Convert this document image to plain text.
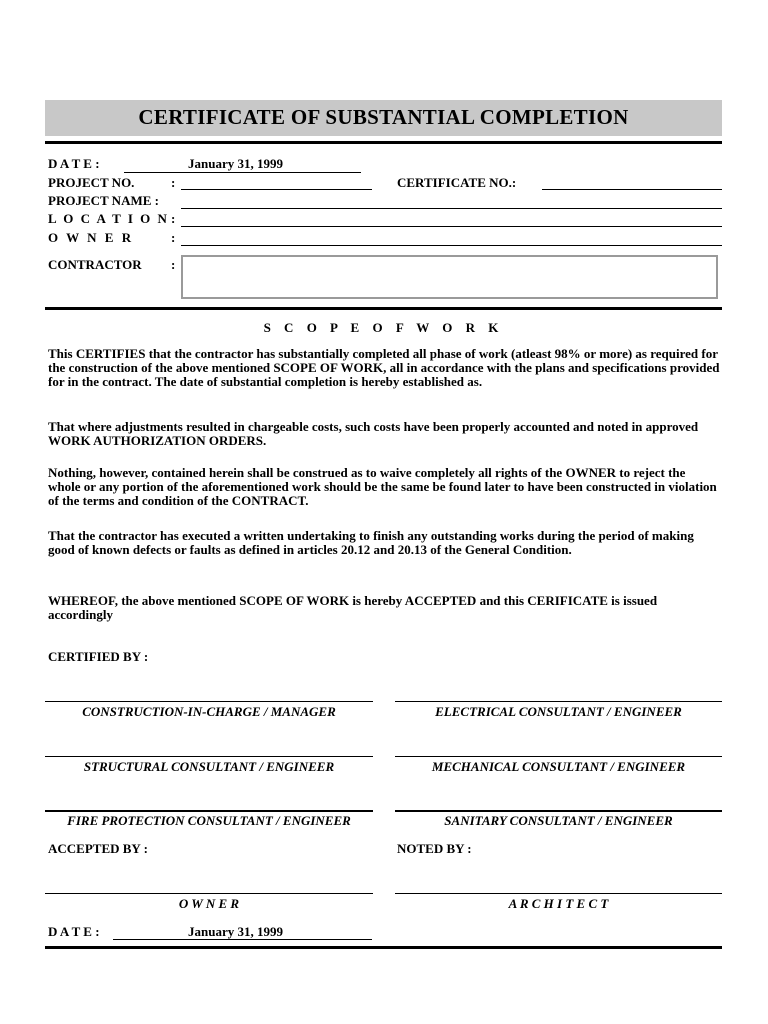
CERTIFICATE OF SUBSTANTIAL COMPLETION
D A T E :	January 31, 1999
PROJECT NO.	:	CERTIFICATE NO.:
PROJECT NAME :
L O C A T I O N :
O W N E R	:
CONTRACTOR :
S C O P E O F W O R K

This CERTIFIES that the contractor has substantially completed all phase of work (atleast 98% or more) as required for the construction of the above mentioned SCOPE OF WORK, all in accordance with the plans and specifications provided for in the contract. The date of substantial completion is hereby established as.

That where adjustments resulted in chargeable costs, such costs have been properly accounted and noted in approved WORK AUTHORIZATION ORDERS.

Nothing, however, contained herein shall be construed as to waive completely all rights of the OWNER to reject the whole or any portion of the aforementioned work should be the same be found later to have been constructed in violation of the terms and condition of the CONTRACT.

That the contractor has executed a written undertaking to finish any outstanding works during the period of making good of known defects or faults as defined in articles 20.12 and 20.13 of the General Condition.

WHEREOF, the above mentioned SCOPE OF WORK is hereby ACCEPTED and this CERIFICATE is issued accordingly

CERTIFIED BY :
CONSTRUCTION-IN-CHARGE / MANAGER	ELECTRICAL CONSULTANT / ENGINEER
STRUCTURAL CONSULTANT / ENGINEER	MECHANICAL CONSULTANT / ENGINEER
FIRE PROTECTION CONSULTANT / ENGINEER	SANITARY CONSULTANT / ENGINEER
ACCEPTED BY :	NOTED BY :
O W N E R	A R C H I T E C T
D A T E :	January 31, 1999
